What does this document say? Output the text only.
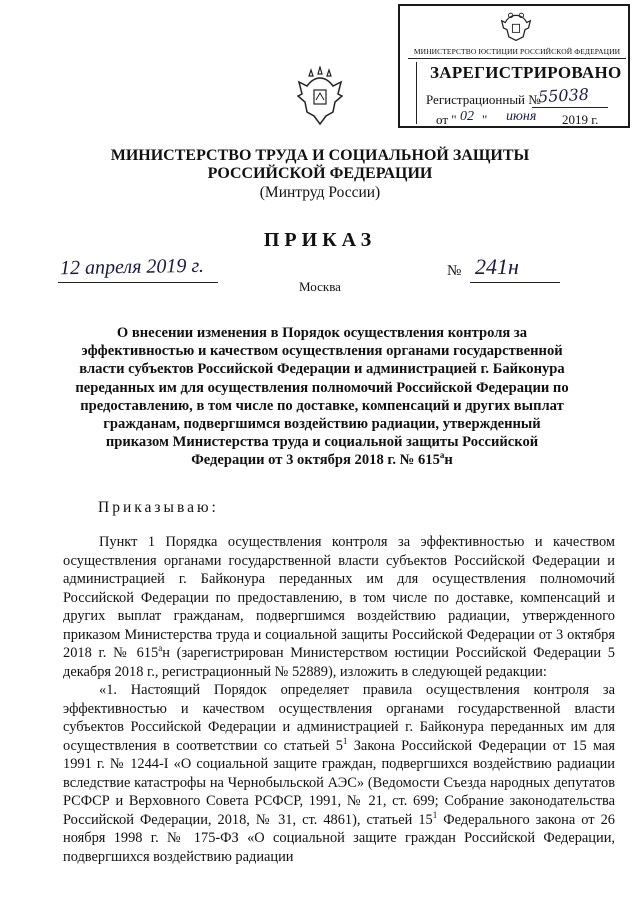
МИНИСТЕРСТВО ЮСТИЦИИ РОССИЙСКОЙ ФЕДЕРАЦИИ
ЗАРЕГИСТРИРОВАНО
Регистрационный №
55038
от " 02 " июня 2019 г.
МИНИСТЕРСТВО ТРУДА И СОЦИАЛЬНОЙ ЗАЩИТЫ
РОССИЙСКОЙ ФЕДЕРАЦИИ
(Минтруд России)
ПРИКАЗ
12 апреля 2019 г.
Москва
№ 241н
О внесении изменения в Порядок осуществления контроля за эффективностью и качеством осуществления органами государственной власти субъектов Российской Федерации и администрацией г. Байконура переданных им для осуществления полномочий Российской Федерации по предоставлению, в том числе по доставке, компенсаций и других выплат гражданам, подвергшимся воздействию радиации, утвержденный приказом Министерства труда и социальной защиты Российской Федерации от 3 октября 2018 г. № $615^ан$
Приказываю:

Пункт 1 Порядка осуществления контроля за эффективностью и качеством осуществления органами государственной власти субъектов Российской Федерации и администрацией г. Байконура переданных им для осуществления полномочий Российской Федерации по предоставлению, в том числе по доставке, компенсаций и других выплат гражданам, подвергшимся воздействию радиации, утвержденного приказом Министерства труда и социальной защиты Российской Федерации от 3 октября 2018 г. № $615^ан$ (зарегистрирован Министерством юстиции Российской Федерации 5 декабря 2018 г., регистрационный № 52889), изложить в следующей редакции:

«1. Настоящий Порядок определяет правила осуществления контроля за эффективностью и качеством осуществления органами государственной власти субъектов Российской Федерации и администрацией г. Байконура переданных им для осуществления в соответствии со статьей $5^1$ Закона Российской Федерации от 15 мая 1991 г. № 1244-I «О социальной защите граждан, подвергшихся воздействию радиации вследствие катастрофы на Чернобыльской АЭС» (Ведомости Съезда народных депутатов РСФСР и Верховного Совета РСФСР, 1991, № 21, ст. 699; Собрание законодательства Российской Федерации, 2018, № 31, ст. 4861), статьей $15^1$ Федерального закона от 26 ноября 1998 г. № 175-ФЗ «О социальной защите граждан Российской Федерации, подвергшихся воздействию радиации
